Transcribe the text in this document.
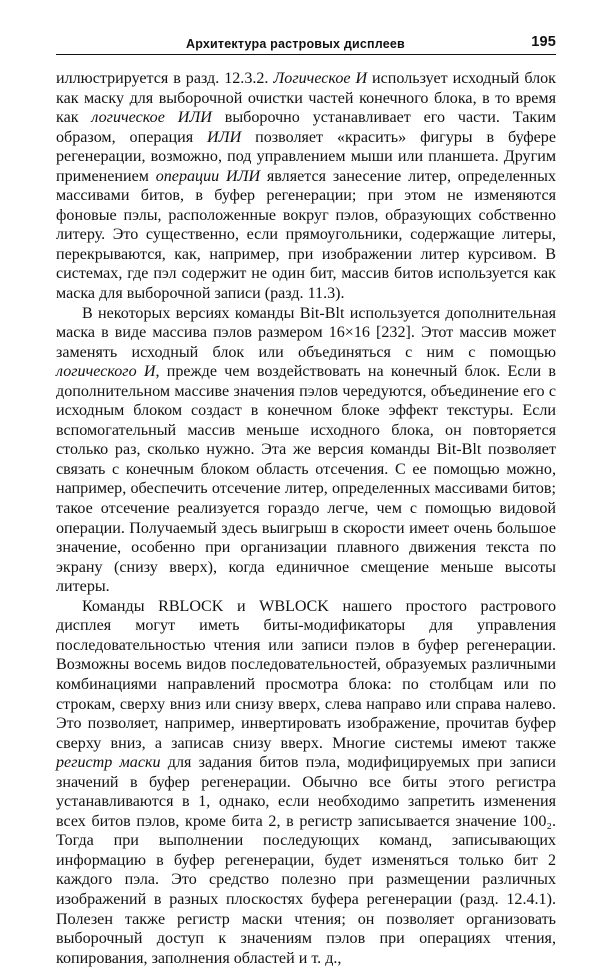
Архитектура растровых дисплеев	195

иллюстрируется в разд. 12.3.2. Логическое И использует исходный блок как маску для выборочной очистки частей конечного блока, в то время как логическое ИЛИ выборочно устанавливает его части. Таким образом, операция ИЛИ позволяет «красить» фигуры в буфере регенерации, возможно, под управлением мыши или планшета. Другим применением операции ИЛИ является занесение литер, определенных массивами битов, в буфер регенерации; при этом не изменяются фоновые пэлы, расположенные вокруг пэлов, образующих собственно литеру. Это существенно, если прямоугольники, содержащие литеры, перекрываются, как, например, при изображении литер курсивом. В системах, где пэл содержит не один бит, массив битов используется как маска для выборочной записи (разд. 11.3).

В некоторых версиях команды Bit-Blt используется дополнительная маска в виде массива пэлов размером 16×16 [232]. Этот массив может заменять исходный блок или объединяться с ним с помощью логического И, прежде чем воздействовать на конечный блок. Если в дополнительном массиве значения пэлов чередуются, объединение его с исходным блоком создаст в конечном блоке эффект текстуры. Если вспомогательный массив меньше исходного блока, он повторяется столько раз, сколько нужно. Эта же версия команды Bit-Blt позволяет связать с конечным блоком область отсечения. С ее помощью можно, например, обеспечить отсечение литер, определенных массивами битов; такое отсечение реализуется гораздо легче, чем с помощью видовой операции. Получаемый здесь выигрыш в скорости имеет очень большое значение, особенно при организации плавного движения текста по экрану (снизу вверх), когда единичное смещение меньше высоты литеры.

Команды RBLOCK и WBLOCK нашего простого растрового дисплея могут иметь биты-модификаторы для управления последовательностью чтения или записи пэлов в буфер регенерации. Возможны восемь видов последовательностей, образуемых различными комбинациями направлений просмотра блока: по столбцам или по строкам, сверху вниз или снизу вверх, слева направо или справа налево. Это позволяет, например, инвертировать изображение, прочитав буфер сверху вниз, а записав снизу вверх. Многие системы имеют также регистр маски для задания битов пэла, модифицируемых при записи значений в буфер регенерации. Обычно все биты этого регистра устанавливаются в 1, однако, если необходимо запретить изменения всех битов пэлов, кроме бита 2, в регистр записывается значение 100₂. Тогда при выполнении последующих команд, записывающих информацию в буфер регенерации, будет изменяться только бит 2 каждого пэла. Это средство полезно при размещении различных изображений в разных плоскостях буфера регенерации (разд. 12.4.1). Полезен также регистр маски чтения; он позволяет организовать выборочный доступ к значениям пэлов при операциях чтения, копирования, заполнения областей и т. д.,
